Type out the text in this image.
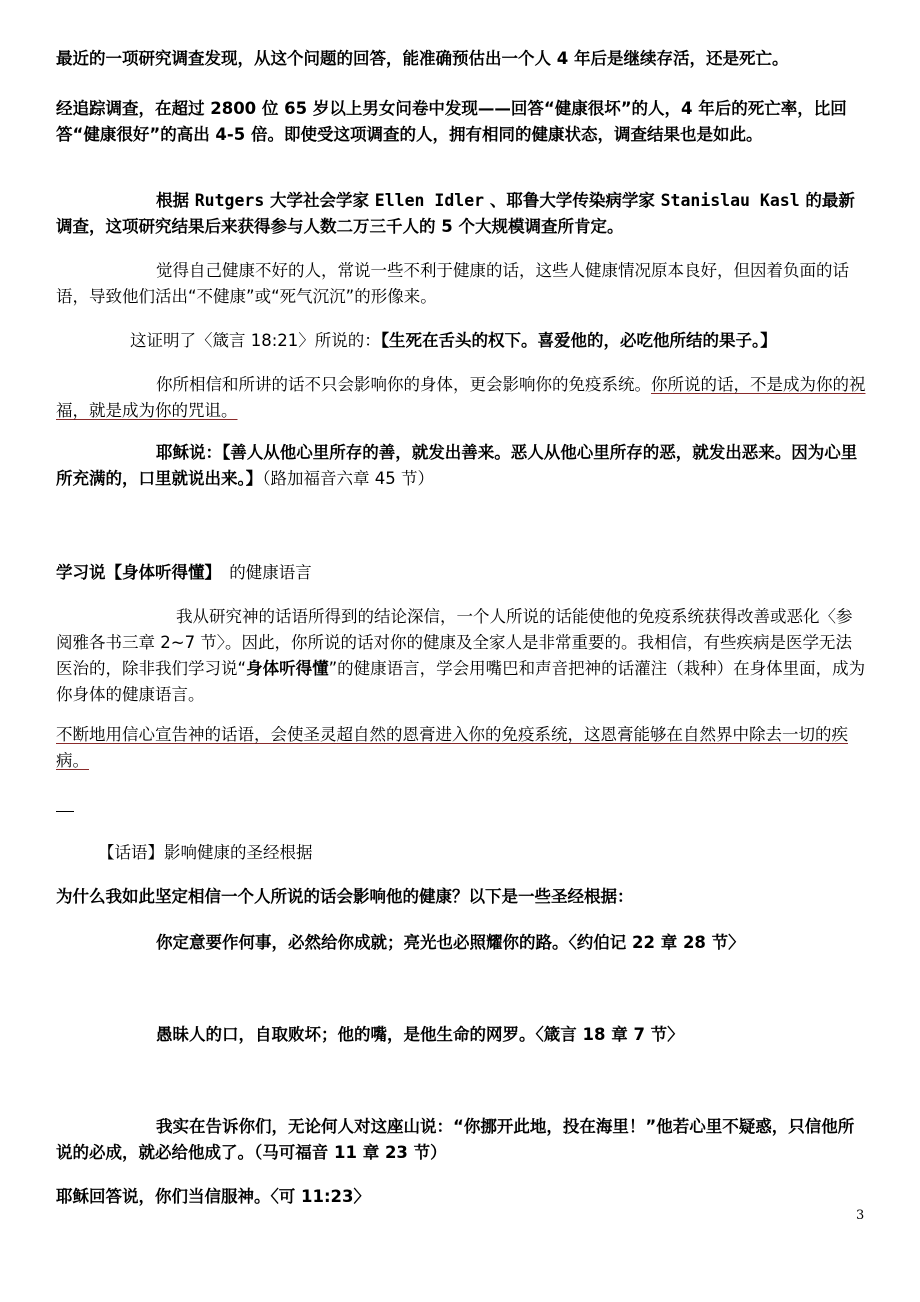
最近的一项研究调查发现，从这个问题的回答，能准确预估出一个人 4 年后是继续存活，还是死亡。

经追踪调查，在超过 2800 位 65 岁以上男女问卷中发现——回答“健康很坏”的人，4 年后的死亡率，比回答“健康很好”的高出 4-5 倍。即使受这项调查的人，拥有相同的健康状态，调查结果也是如此。

根据 Rutgers 大学社会学家 Ellen Idler 、耶鲁大学传染病学家 Stanislau Kasl 的最新调查，这项研究结果后来获得参与人数二万三千人的 5 个大规模调查所肯定。

觉得自己健康不好的人，常说一些不利于健康的话，这些人健康情况原本良好，但因着负面的话语，导致他们活出“不健康”或“死气沉沉”的形像来。

这证明了〈箴言 18:21〉所说的：【生死在舌头的权下。喜爱他的，必吃他所结的果子。】

你所相信和所讲的话不只会影响你的身体，更会影响你的免疫系统。你所说的话，不是成为你的祝福，就是成为你的咒诅。

耶稣说：【善人从他心里所存的善，就发出善来。恶人从他心里所存的恶，就发出恶来。因为心里所充满的，口里就说出来。】（路加福音六章 45 节）

学习说【身体听得懂】　的健康语言

我从研究神的话语所得到的结论深信，一个人所说的话能使他的免疫系统获得改善或恶化〈参阅雅各书三章 2~7 节〉。因此，你所说的话对你的健康及全家人是非常重要的。我相信，有些疾病是医学无法医治的，除非我们学习说“身体听得懂”的健康语言，学会用嘴巴和声音把神的话灌注（栽种）在身体里面，成为你身体的健康语言。

不断地用信心宣告神的话语，会使圣灵超自然的恩膏进入你的免疫系统，这恩膏能够在自然界中除去一切的疾病。

【话语】影响健康的圣经根据

为什么我如此坚定相信一个人所说的话会影响他的健康？以下是一些圣经根据：

你定意要作何事，必然给你成就；亮光也必照耀你的路。〈约伯记 22 章 28 节〉

愚昧人的口，自取败坏；他的嘴，是他生命的网罗。〈箴言 18 章 7 节〉

我实在告诉你们，无论何人对这座山说：“你挪开此地，投在海里！”他若心里不疑惑，只信他所说的必成，就必给他成了。（马可福音 11 章 23 节）

耶稣回答说，你们当信服神。〈可 11:23〉

3
